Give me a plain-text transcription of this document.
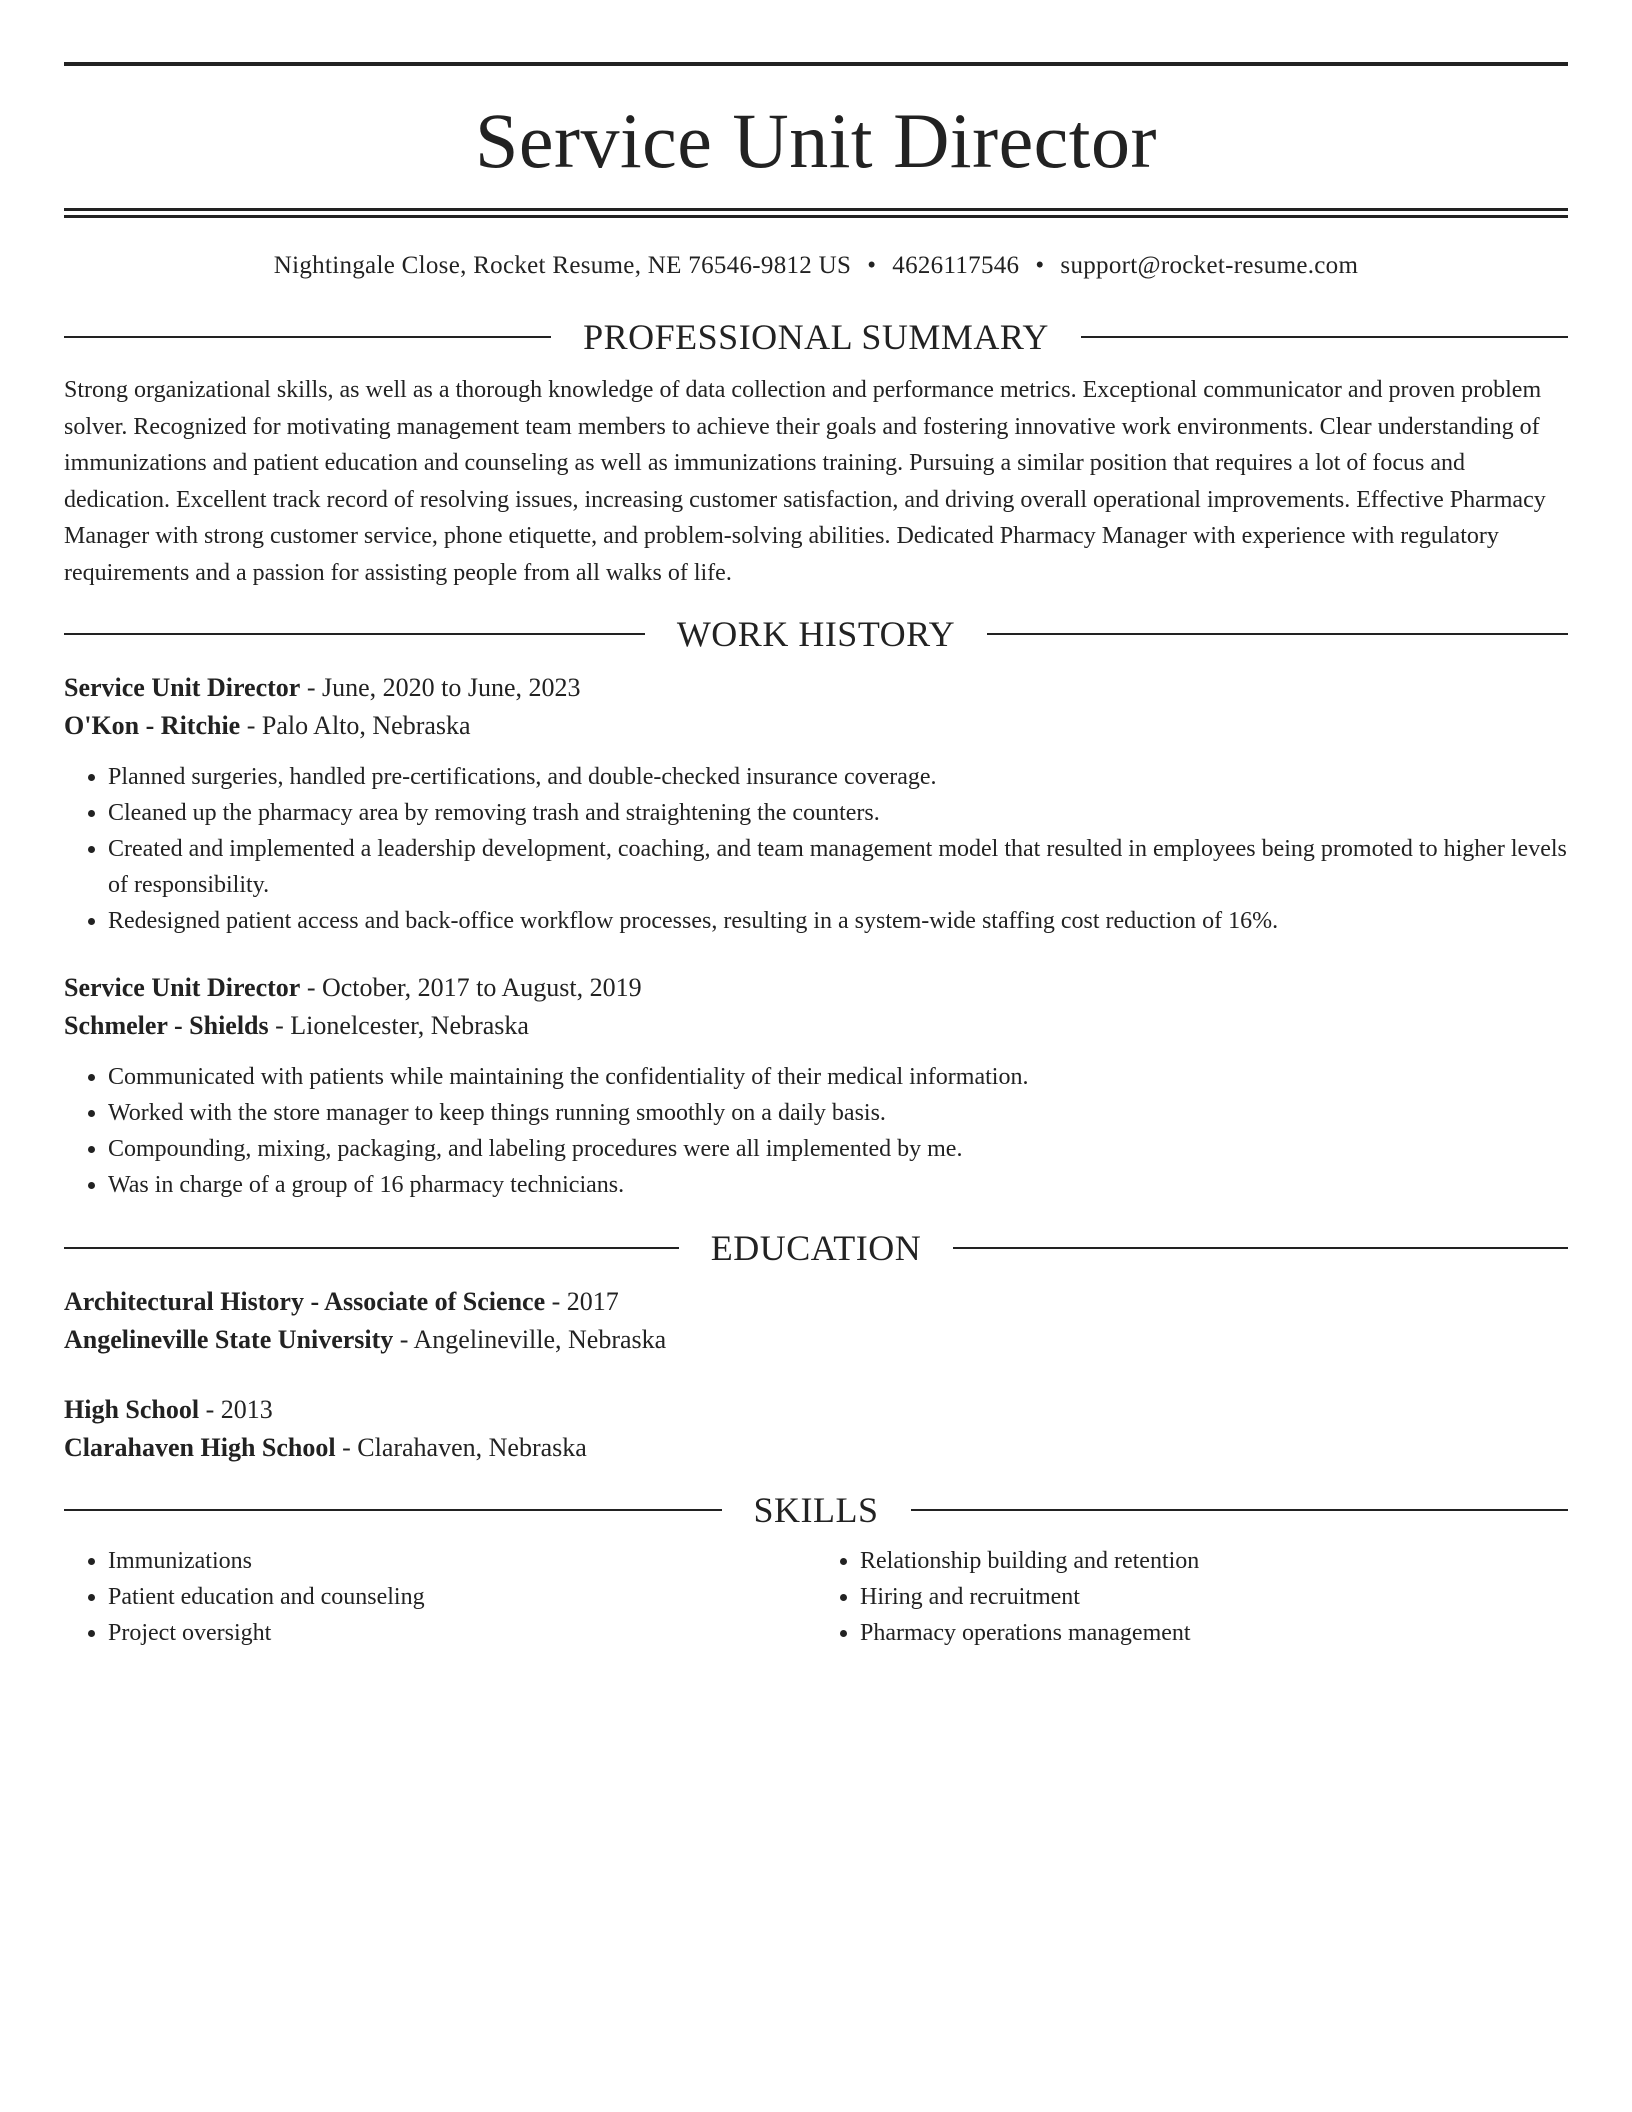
Service Unit Director
Nightingale Close, Rocket Resume, NE 76546-9812 US • 4626117546 • support@rocket-resume.com
PROFESSIONAL SUMMARY
Strong organizational skills, as well as a thorough knowledge of data collection and performance metrics. Exceptional communicator and proven problem solver. Recognized for motivating management team members to achieve their goals and fostering innovative work environments. Clear understanding of immunizations and patient education and counseling as well as immunizations training. Pursuing a similar position that requires a lot of focus and dedication. Excellent track record of resolving issues, increasing customer satisfaction, and driving overall operational improvements. Effective Pharmacy Manager with strong customer service, phone etiquette, and problem-solving abilities. Dedicated Pharmacy Manager with experience with regulatory requirements and a passion for assisting people from all walks of life.
WORK HISTORY
Service Unit Director - June, 2020 to June, 2023
O'Kon - Ritchie - Palo Alto, Nebraska
• Planned surgeries, handled pre-certifications, and double-checked insurance coverage.
• Cleaned up the pharmacy area by removing trash and straightening the counters.
• Created and implemented a leadership development, coaching, and team management model that resulted in employees being promoted to higher levels of responsibility.
• Redesigned patient access and back-office workflow processes, resulting in a system-wide staffing cost reduction of 16%.
Service Unit Director - October, 2017 to August, 2019
Schmeler - Shields - Lionelcester, Nebraska
• Communicated with patients while maintaining the confidentiality of their medical information.
• Worked with the store manager to keep things running smoothly on a daily basis.
• Compounding, mixing, packaging, and labeling procedures were all implemented by me.
• Was in charge of a group of 16 pharmacy technicians.
EDUCATION
Architectural History - Associate of Science - 2017
Angelineville State University - Angelineville, Nebraska
High School - 2013
Clarahaven High School - Clarahaven, Nebraska
SKILLS
• Immunizations
• Patient education and counseling
• Project oversight
• Relationship building and retention
• Hiring and recruitment
• Pharmacy operations management
